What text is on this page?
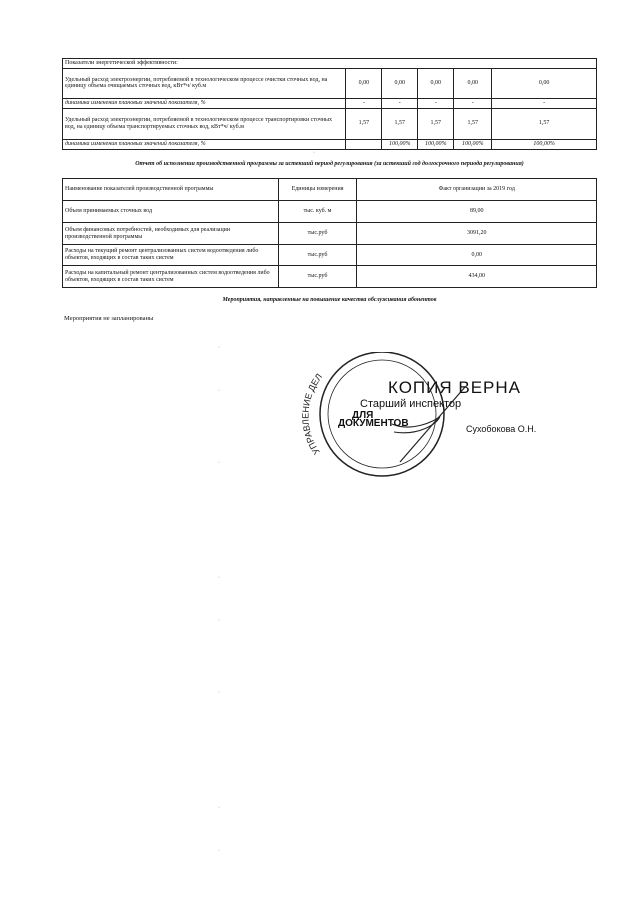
Показатели энергетической эффективности:					
Удельный расход электроэнергии, потребляемой в технологическом процессе очистки сточных вод, на единицу объема очищаемых сточных вод, кВт*ч/ куб.м	0,00	0,00	0,00	0,00	0,00
динамика изменения плановых значений показателя, %	-	-	-	-	-
Удельный расход электроэнергии, потребляемой в технологическом процессе транспортировки сточных вод, на единицу объема транспортируемых сточных вод, кВт*ч/ куб.м	1,57	1,57	1,57	1,57	1,57
динамика изменения плановых значений показателя, %		100,00%	100,00%	100,00%	100,00%
·
Отчет об исполнении производственной программы за истекший период регулирования (за истекший год долгосрочного периода регулирования)
Наименование показателей производственной программы	Единицы измерения	Факт организации за 2019 год
Объем принимаемых сточных вод	тыс. куб. м	89,00
Объем финансовых потребностей, необходимых для реализации производственной программы	тыс.руб	3091,20
Расходы на текущий ремонт централизованных систем водоотведения либо объектов, входящих в состав таких систем	тыс.руб	0,00
Расходы на капитальный ремонт централизованных систем водоотведения либо объектов, входящих в состав таких систем	тыс.руб	434,00
Мероприятия, направленные на повышение качества обслуживания абонентов
Мероприятия не запланированы
·
·
·
·
·
·
·
·
УПРАВЛЕНИЕ ДЕЛ
КОПИЯ ВЕРНА
Старший инспектор
ДЛЯ
ДОКУМЕНТОВ	Сухобокова О.Н.
